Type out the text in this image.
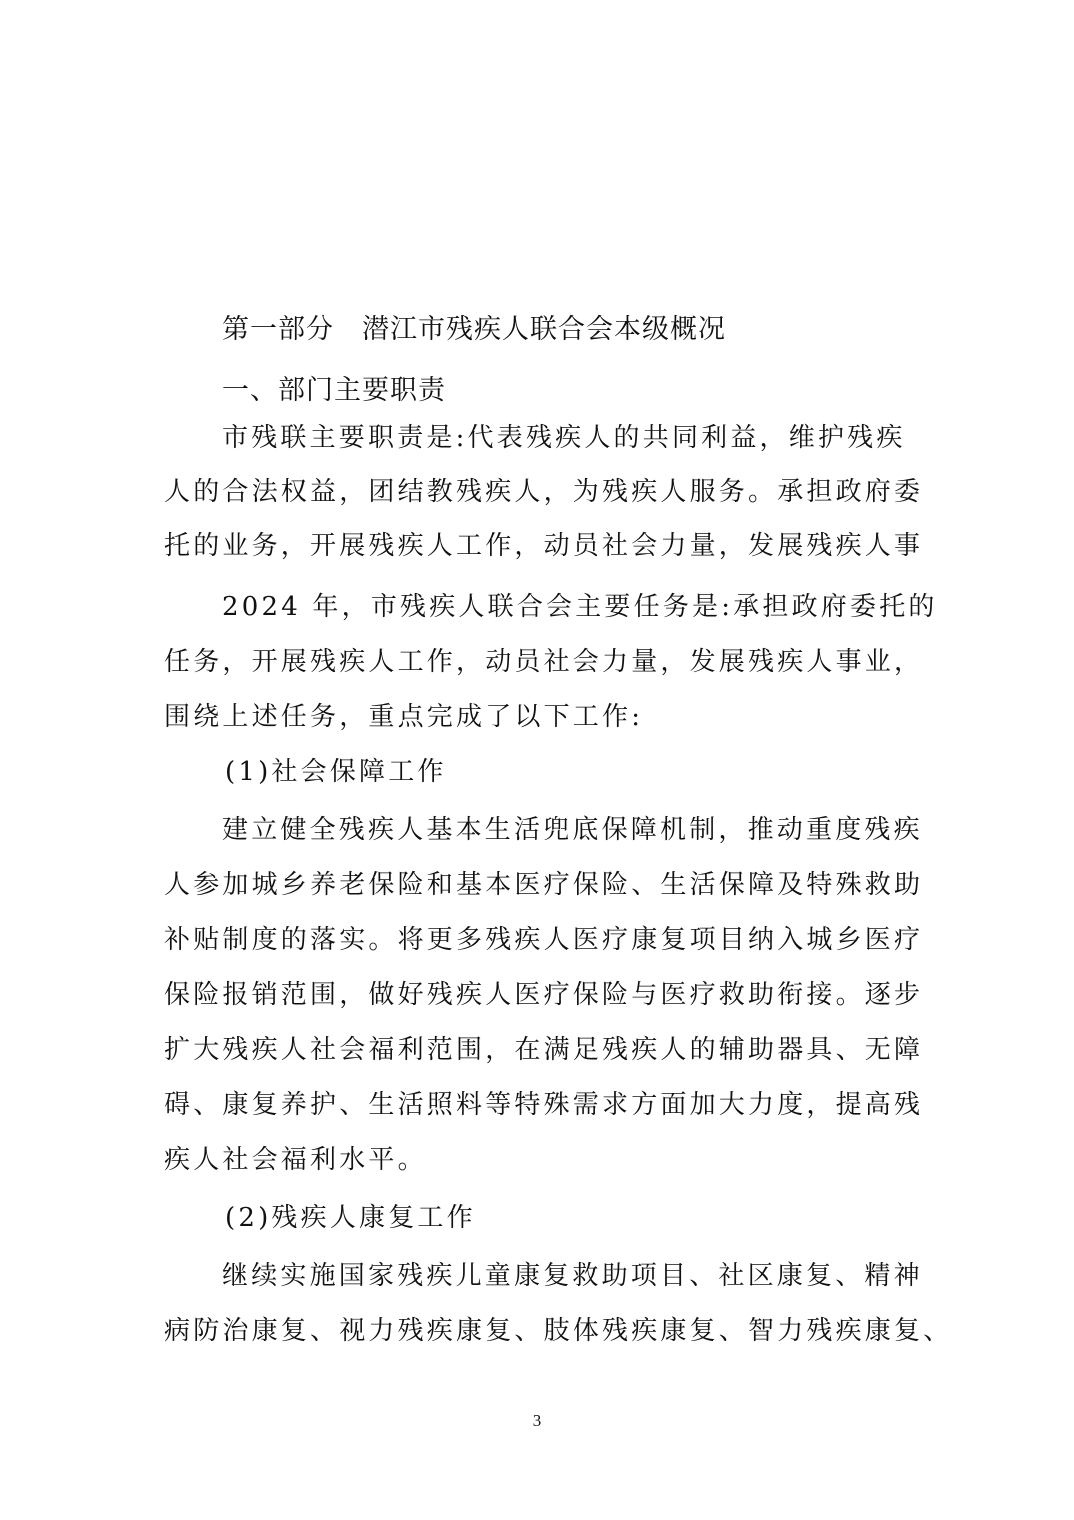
第一部分 潜江市残疾人联合会本级概况
一、部门主要职责
市残联主要职责是:代表残疾人的共同利益，维护残疾
人的合法权益，团结教残疾人，为残疾人服务。承担政府委
托的业务，开展残疾人工作，动员社会力量，发展残疾人事
2024 年，市残疾人联合会主要任务是:承担政府委托的
任务，开展残疾人工作，动员社会力量，发展残疾人事业，
围绕上述任务，重点完成了以下工作:
(1)社会保障工作
建立健全残疾人基本生活兜底保障机制，推动重度残疾
人参加城乡养老保险和基本医疗保险、生活保障及特殊救助
补贴制度的落实。将更多残疾人医疗康复项目纳入城乡医疗
保险报销范围，做好残疾人医疗保险与医疗救助衔接。逐步
扩大残疾人社会福利范围，在满足残疾人的辅助器具、无障
碍、康复养护、生活照料等特殊需求方面加大力度，提高残
疾人社会福利水平。
(2)残疾人康复工作
继续实施国家残疾儿童康复救助项目、社区康复、精神
病防治康复、视力残疾康复、肢体残疾康复、智力残疾康复、
3
